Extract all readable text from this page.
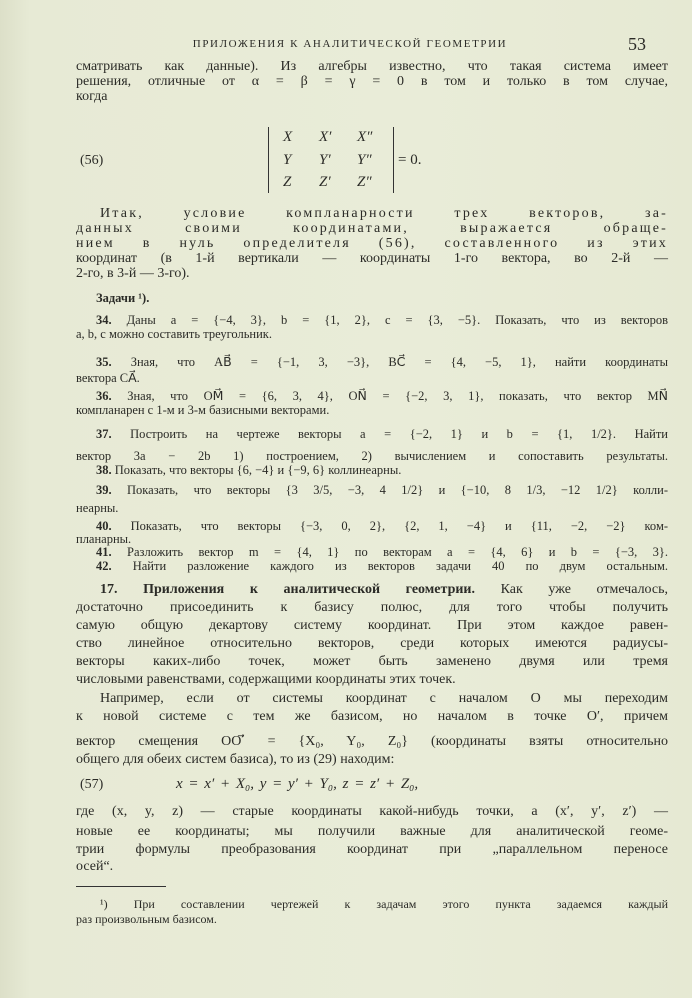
ПРИЛОЖЕНИЯ К АНАЛИТИЧЕСКОЙ ГЕОМЕТРИИ	53
сматривать как данные). Из алгебры известно, что такая система имеет
решения, отличные от α = β = γ = 0 в том и только в том случае,
когда
(56)
X X′ X″
Y Y′ Y″
Z Z′ Z″
= 0.
Итак, условие компланарности трех векторов, за-
данных своими координатами, выражается обраще-
нием в нуль определителя (56), составленного из этих
координат (в 1-й вертикали — координаты 1-го вектора, во 2-й —
2-го, в 3-й — 3-го).
Задачи ¹).
34. Даны a = {−4, 3}, b = {1, 2}, c = {3, −5}. Показать, что из векторов
a, b, c можно составить треугольник.
35. Зная, что AB⃗ = {−1, 3, −3}, BC⃗ = {4, −5, 1}, найти координаты
вектора CA⃗.
36. Зная, что OM⃗ = {6, 3, 4}, ON⃗ = {−2, 3, 1}, показать, что вектор MN⃗
компланарен с 1-м и 3-м базисными векторами.
37. Построить на чертеже векторы a = {−2, 1} и b = {1, 1/2}. Найти
вектор 3a − 2b 1) построением, 2) вычислением и сопоставить результаты.
38. Показать, что векторы {6, −4} и {−9, 6} коллинеарны.
39. Показать, что векторы {3 3/5, −3, 4 1/2} и {−10, 8 1/3, −12 1/2} колли-
неарны.
40. Показать, что векторы {−3, 0, 2}, {2, 1, −4} и {11, −2, −2} ком-
планарны.
41. Разложить вектор m = {4, 1} по векторам a = {4, 6} и b = {−3, 3}.
42. Найти разложение каждого из векторов задачи 40 по двум остальным.
17. Приложения к аналитической геометрии. Как уже отмечалось,
достаточно присоединить к базису полюс, для того чтобы получить
самую общую декартову систему координат. При этом каждое равен-
ство линейное относительно векторов, среди которых имеются радиусы-
векторы каких-либо точек, может быть заменено двумя или тремя
числовыми равенствами, содержащими координаты этих точек.
Например, если от системы координат с началом O мы переходим
к новой системе с тем же базисом, но началом в точке O′, причем
вектор смещения OO′⃗ = {X₀, Y₀, Z₀} (координаты взяты относительно
общего для обеих систем базиса), то из (29) находим:
(57)	x = x′ + X₀, y = y′ + Y₀, z = z′ + Z₀,
где (x, y, z) — старые координаты какой-нибудь точки, а (x′, y′, z′) —
новые ее координаты; мы получили важные для аналитической геоме-
трии формулы преобразования координат при „параллельном переносе
осей“.
¹) При составлении чертежей к задачам этого пункта задаемся каждый
раз произвольным базисом.
